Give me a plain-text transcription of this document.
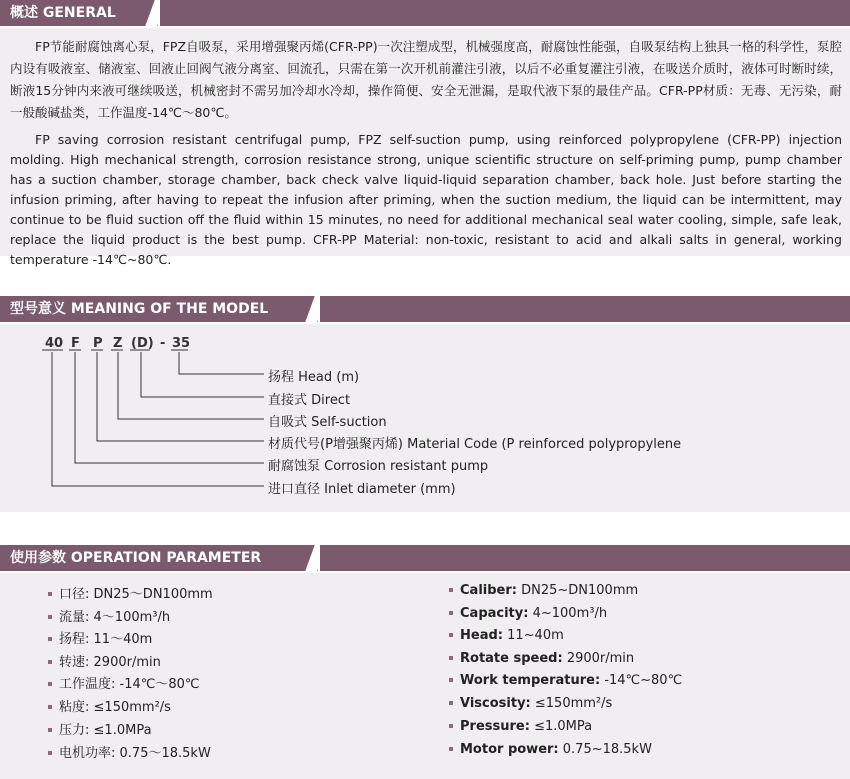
概述 GENERAL

FP节能耐腐蚀离心泵，FPZ自吸泵，采用增强聚丙烯(CFR-PP)一次注塑成型，机械强度高，耐腐蚀性能强，自吸泵结构上独具一格的科学性，泵腔内设有吸液室、储液室、回液止回阀气液分离室、回流孔，只需在第一次开机前灌注引液，以后不必重复灌注引液，在吸送介质时，液体可时断时续，断液15分钟内来液可继续吸送，机械密封不需另加冷却水冷却，操作简便、安全无泄漏，是取代液下泵的最佳产品。CFR-PP材质：无毒、无污染，耐一般酸碱盐类，工作温度-14℃～80℃。

FP saving corrosion resistant centrifugal pump, FPZ self-suction pump, using reinforced polypropylene (CFR-PP) injection molding. High mechanical strength, corrosion resistance strong, unique scientific structure on self-priming pump, pump chamber has a suction chamber, storage chamber, back check valve liquid-liquid separation chamber, back hole. Just before starting the infusion priming, after having to repeat the infusion after priming, when the suction medium, the liquid can be intermittent, may continue to be fluid suction off the fluid within 15 minutes, no need for additional mechanical seal water cooling, simple, safe leak, replace the liquid product is the best pump. CFR-PP Material: non-toxic, resistant to acid and alkali salts in general, working temperature -14℃~80℃.

型号意义 MEANING OF THE MODEL
40 F P Z (D) - 35
扬程 Head (m)
直接式 Direct
自吸式 Self-suction
材质代号(P增强聚丙烯) Material Code (P reinforced polypropylene
耐腐蚀泵 Corrosion resistant pump
进口直径 Inlet diameter (mm)
使用参数 OPERATION PARAMETER
口径: DN25～DN100mm
流量: 4～100m³/h
扬程: 11～40m
转速: 2900r/min
工作温度: -14℃～80℃
粘度: ≤150mm²/s
压力: ≤1.0MPa
电机功率: 0.75～18.5kW
Caliber: DN25~DN100mm
Capacity: 4~100m³/h
Head: 11~40m
Rotate speed: 2900r/min
Work temperature: -14℃~80℃
Viscosity: ≤150mm²/s
Pressure: ≤1.0MPa
Motor power: 0.75~18.5kW
